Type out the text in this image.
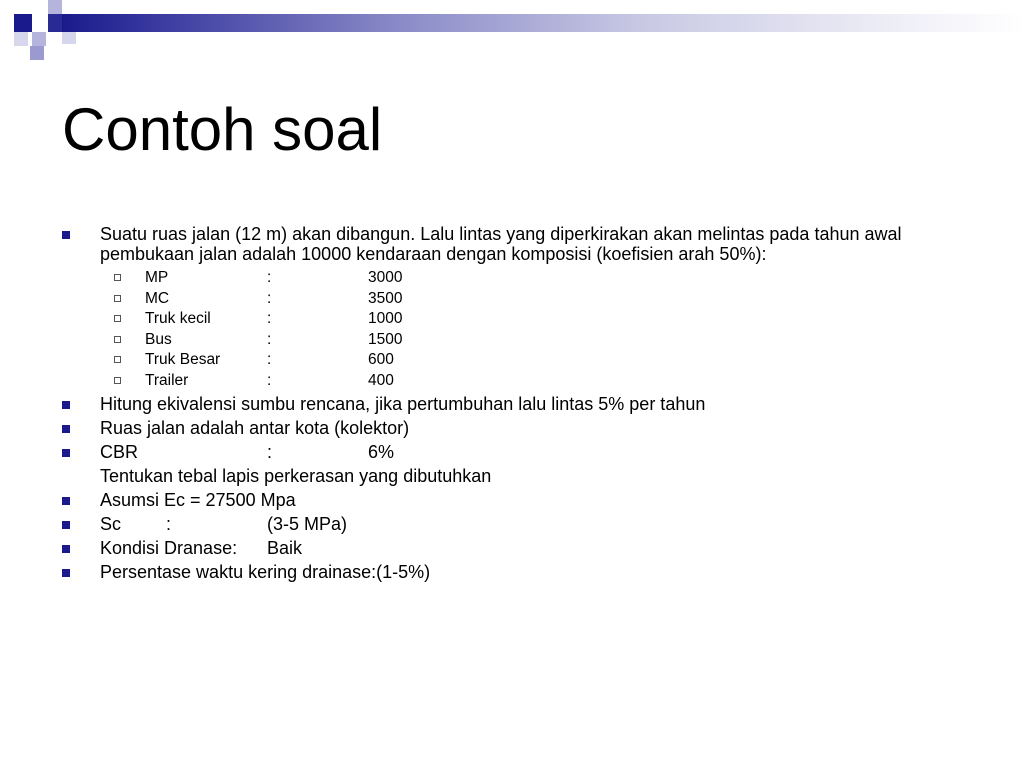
Contoh soal
Suatu ruas jalan (12 m) akan dibangun. Lalu lintas yang diperkirakan akan melintas pada tahun awal pembukaan jalan adalah 10000 kendaraan dengan komposisi (koefisien arah 50%):
MP	:	3000
MC	:	3500
Truk kecil	:	1000
Bus	:	1500
Truk Besar	:	600
Trailer	:	400
Hitung ekivalensi sumbu rencana, jika pertumbuhan lalu lintas 5% per tahun
Ruas jalan adalah antar kota (kolektor)
CBR	:	6%
Tentukan tebal lapis perkerasan yang dibutuhkan
Asumsi Ec = 27500 Mpa
Sc :	(3-5 MPa)
Kondisi Dranase: Baik
Persentase waktu kering drainase:(1-5%)
